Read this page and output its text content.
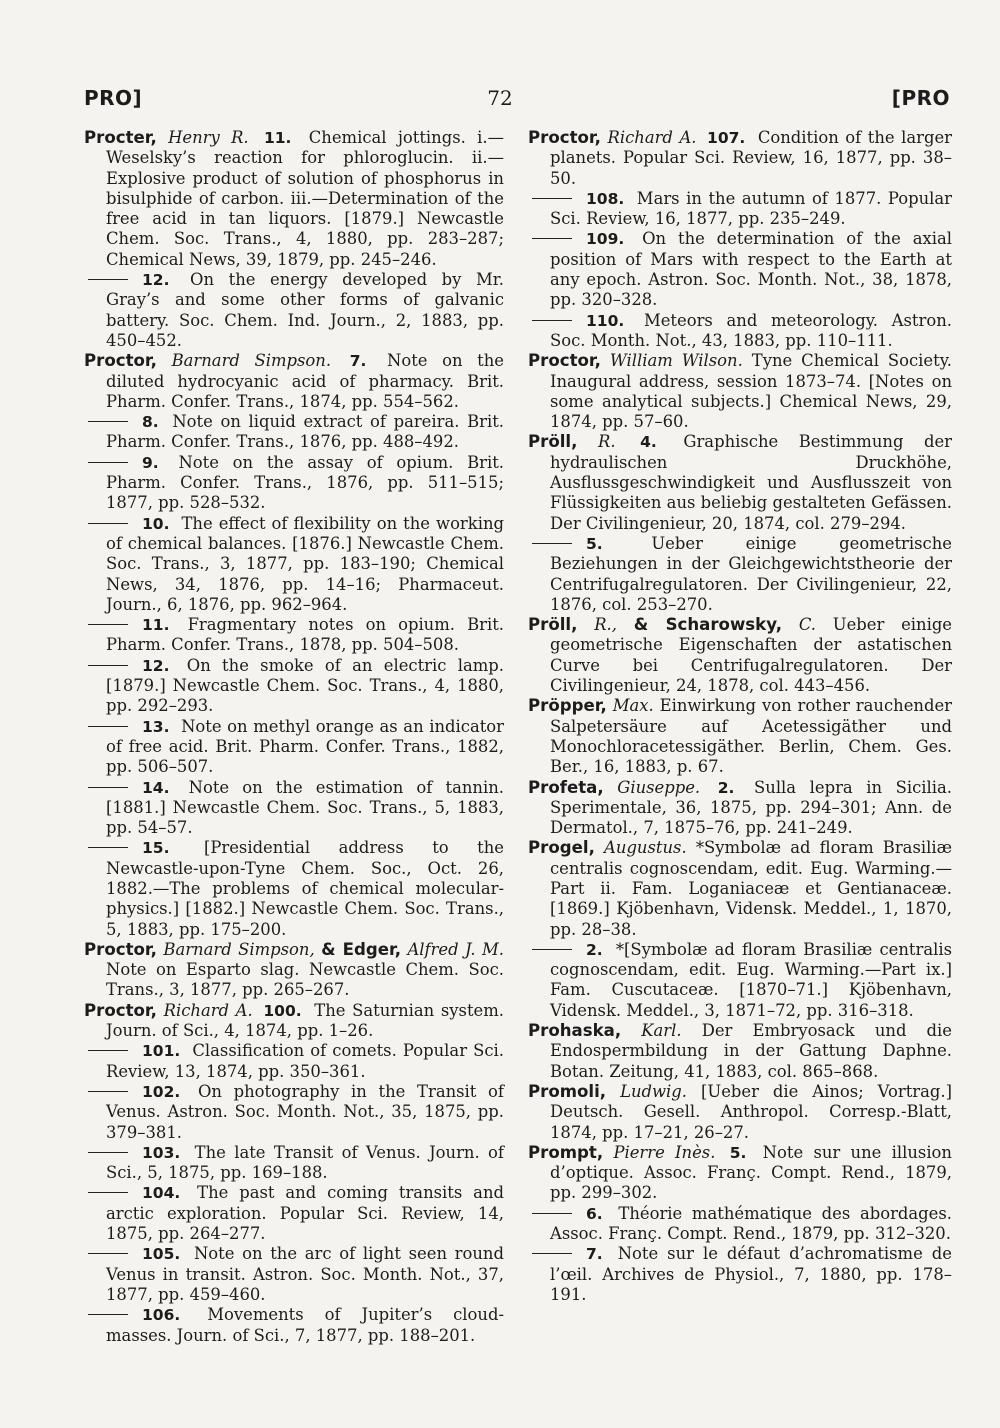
PRO]	72	[PRO

Procter, Henry R. 11. Chemical jottings. i.—Weselsky’s reaction for phloroglucin. ii.—Explosive product of solution of phosphorus in bisulphide of carbon. iii.—Determination of the free acid in tan liquors. [1879.] Newcastle Chem. Soc. Trans., 4, 1880, pp. 283–287; Chemical News, 39, 1879, pp. 245–246.

12. On the energy developed by Mr. Gray’s and some other forms of galvanic battery. Soc. Chem. Ind. Journ., 2, 1883, pp. 450–452.

Proctor, Barnard Simpson. 7. Note on the diluted hydrocyanic acid of pharmacy. Brit. Pharm. Confer. Trans., 1874, pp. 554–562.

8. Note on liquid extract of pareira. Brit. Pharm. Confer. Trans., 1876, pp. 488–492.

9. Note on the assay of opium. Brit. Pharm. Confer. Trans., 1876, pp. 511–515; 1877, pp. 528–532.

10. The effect of flexibility on the working of chemical balances. [1876.] Newcastle Chem. Soc. Trans., 3, 1877, pp. 183–190; Chemical News, 34, 1876, pp. 14–16; Pharmaceut. Journ., 6, 1876, pp. 962–964.

11. Fragmentary notes on opium. Brit. Pharm. Confer. Trans., 1878, pp. 504–508.

12. On the smoke of an electric lamp. [1879.] Newcastle Chem. Soc. Trans., 4, 1880, pp. 292–293.

13. Note on methyl orange as an indicator of free acid. Brit. Pharm. Confer. Trans., 1882, pp. 506–507.

14. Note on the estimation of tannin. [1881.] Newcastle Chem. Soc. Trans., 5, 1883, pp. 54–57.

15. [Presidential address to the Newcastle-upon-Tyne Chem. Soc., Oct. 26, 1882.—The problems of chemical molecular-physics.] [1882.] Newcastle Chem. Soc. Trans., 5, 1883, pp. 175–200.

Proctor, Barnard Simpson, & Edger, Alfred J. M. Note on Esparto slag. Newcastle Chem. Soc. Trans., 3, 1877, pp. 265–267.

Proctor, Richard A. 100. The Saturnian system. Journ. of Sci., 4, 1874, pp. 1–26.

101. Classification of comets. Popular Sci. Review, 13, 1874, pp. 350–361.

102. On photography in the Transit of Venus. Astron. Soc. Month. Not., 35, 1875, pp. 379–381.

103. The late Transit of Venus. Journ. of Sci., 5, 1875, pp. 169–188.

104. The past and coming transits and arctic exploration. Popular Sci. Review, 14, 1875, pp. 264–277.

105. Note on the arc of light seen round Venus in transit. Astron. Soc. Month. Not., 37, 1877, pp. 459–460.

106. Movements of Jupiter’s cloud-masses. Journ. of Sci., 7, 1877, pp. 188–201.

Proctor, Richard A. 107. Condition of the larger planets. Popular Sci. Review, 16, 1877, pp. 38–50.

108. Mars in the autumn of 1877. Popular Sci. Review, 16, 1877, pp. 235–249.

109. On the determination of the axial position of Mars with respect to the Earth at any epoch. Astron. Soc. Month. Not., 38, 1878, pp. 320–328.

110. Meteors and meteorology. Astron. Soc. Month. Not., 43, 1883, pp. 110–111.

Proctor, William Wilson. Tyne Chemical Society. Inaugural address, session 1873–74. [Notes on some analytical subjects.] Chemical News, 29, 1874, pp. 57–60.

Pröll, R. 4. Graphische Bestimmung der hydraulischen Druckhöhe, Ausflussgeschwindigkeit und Ausflusszeit von Flüssigkeiten aus beliebig gestalteten Gefässen. Der Civilingenieur, 20, 1874, col. 279–294.

5.	Ueber einige geometrische Beziehungen in der Gleichgewichtstheorie der Centrifugalregulatoren. Der Civilingenieur, 22, 1876, col. 253–270.

Pröll, R., & Scharowsky, C. Ueber einige geometrische Eigenschaften der astatischen Curve bei Centrifugalregulatoren. Der Civilingenieur, 24, 1878, col. 443–456.

Pröpper, Max. Einwirkung von rother rauchender Salpetersäure auf Acetessigäther und Monochloracetessigäther. Berlin, Chem. Ges. Ber., 16, 1883, p. 67.

Profeta, Giuseppe. 2. Sulla lepra in Sicilia. Sperimentale, 36, 1875, pp. 294–301; Ann. de Dermatol., 7, 1875–76, pp. 241–249.

Progel, Augustus. *Symbolæ ad floram Brasiliæ centralis cognoscendam, edit. Eug. Warming.—Part ii. Fam. Loganiaceæ et Gentianaceæ. [1869.] Kjöbenhavn, Vidensk. Meddel., 1, 1870, pp. 28–38.

2. *[Symbolæ ad floram Brasiliæ centralis cognoscendam, edit. Eug. Warming.—Part ix.] Fam. Cuscutaceæ. [1870–71.] Kjöbenhavn, Vidensk. Meddel., 3, 1871–72, pp. 316–318.

Prohaska, Karl. Der Embryosack und die Endospermbildung in der Gattung Daphne. Botan. Zeitung, 41, 1883, col. 865–868.

Promoli, Ludwig. [Ueber die Ainos; Vortrag.] Deutsch. Gesell. Anthropol. Corresp.-Blatt, 1874, pp. 17–21, 26–27.

Prompt, Pierre Inès. 5. Note sur une illusion d’optique. Assoc. Franç. Compt. Rend., 1879, pp. 299–302.

6. Théorie mathématique des abordages. Assoc. Franç. Compt. Rend., 1879, pp. 312–320.

7. Note sur le défaut d’achromatisme de l’œil. Archives de Physiol., 7, 1880, pp. 178–191.
